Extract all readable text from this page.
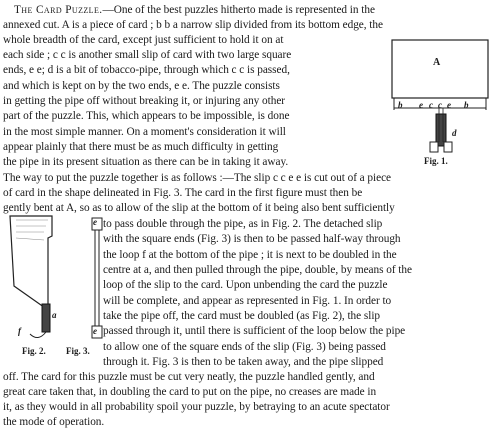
The Card Puzzle.—One of the best puzzles hitherto made is represented in the
annexed cut. A is a piece of card ; b b a narrow slip divided from its bottom edge, the
whole breadth of the card, except just sufficient to hold it on at
each side ; c c is another small slip of card with two large square
ends, e e; d is a bit of tobacco-pipe, through which c c is passed,
and which is kept on by the two ends, e e. The puzzle consists
in getting the pipe off without breaking it, or injuring any other
part of the puzzle. This, which appears to be impossible, is done
in the most simple manner. On a moment's consideration it will
appear plainly that there must be as much difficulty in getting
the pipe in its present situation as there can be in taking it away.
The way to put the puzzle together is as follows :—The slip c c e e is cut out of a piece
of card in the shape delineated in Fig. 3. The card in the first figure must then be
gently bent at A, so as to allow of the slip at the bottom of it being also bent sufficiently
to pass double through the pipe, as in Fig. 2. The detached slip
with the square ends (Fig. 3) is then to be passed half-way through
the loop f at the bottom of the pipe ; it is next to be doubled in the
centre at a, and then pulled through the pipe, double, by means of the
loop of the slip to the card. Upon unbending the card the puzzle
will be complete, and appear as represented in Fig. 1. In order to
take the pipe off, the card must be doubled (as Fig. 2), the slip
passed through it, until there is sufficient of the loop below the pipe
to allow one of the square ends of the slip (Fig. 3) being passed
through it. Fig. 3 is then to be taken away, and the pipe slipped
off. The card for this puzzle must be cut very neatly, the puzzle handled gently, and
great care taken that, in doubling the card to put on the pipe, no creases are made in
it, as they would in all probability spoil your puzzle, by betraying to an acute spectator
the mode of operation.
A
b	b
e	e
c c
d
Fig. 1.
f
a
Fig. 2.
e
e
Fig. 3.
